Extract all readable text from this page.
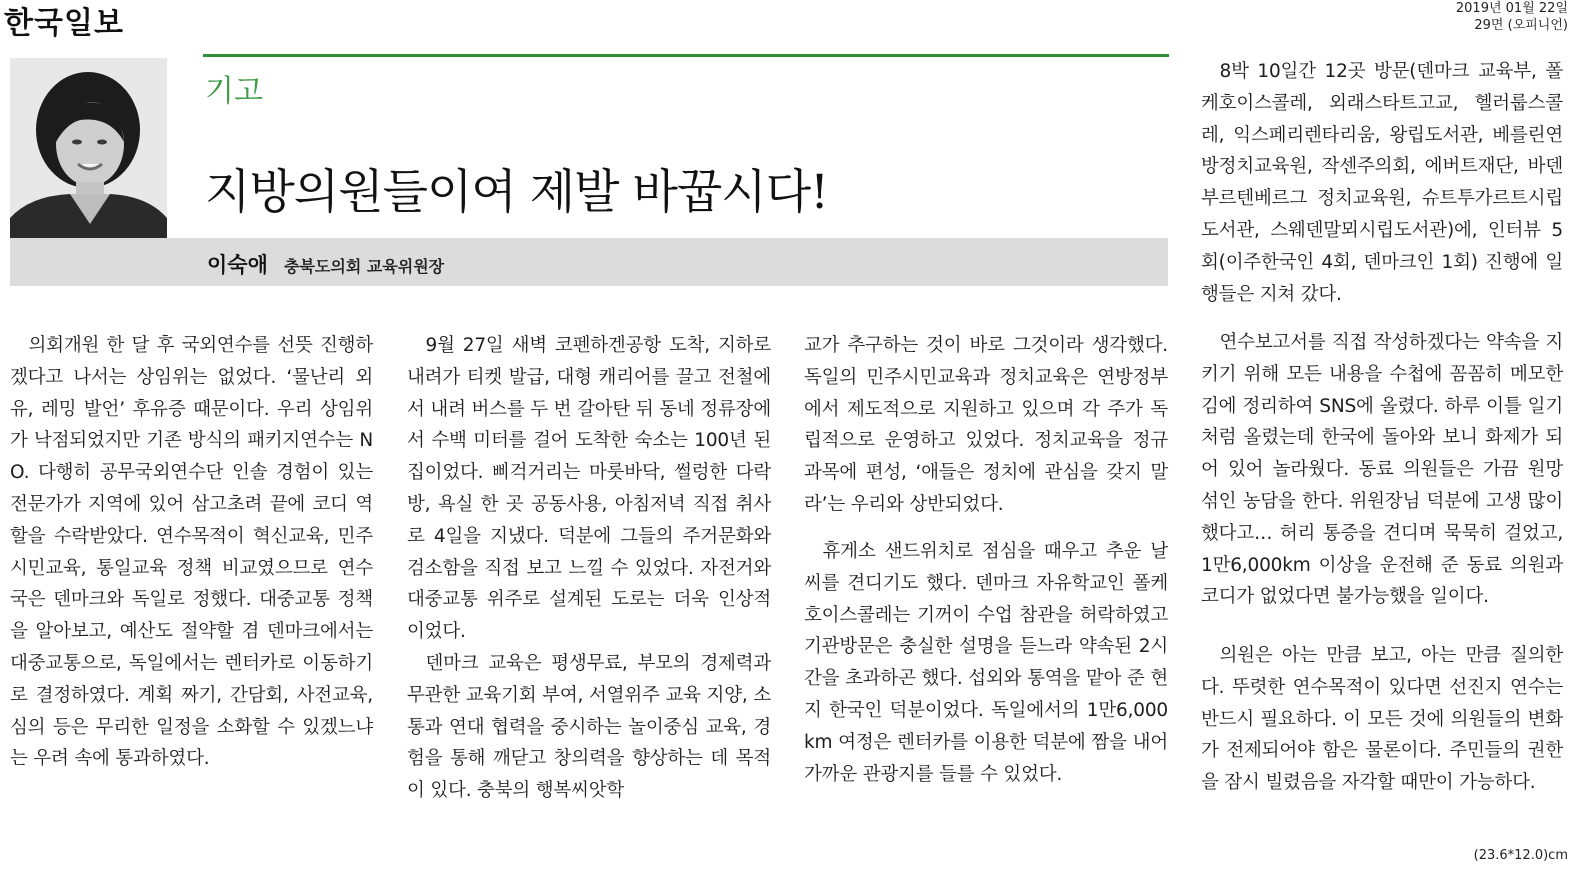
한국일보	2019년 01월 22일
29면 (오피니언)
기고
지방의원들이여 제발 바꿉시다!
이숙애 충북도의회 교육위원장

의회개원 한 달 후 국외연수를 선뜻 진행하겠다고 나서는 상임위는 없었다. ‘물난리 외유, 레밍 발언’ 후유증 때문이다. 우리 상임위가 낙점되었지만 기존 방식의 패키지연수는 NO. 다행히 공무국외연수단 인솔 경험이 있는 전문가가 지역에 있어 삼고초려 끝에 코디 역할을 수락받았다. 연수목적이 혁신교육, 민주시민교육, 통일교육 정책 비교였으므로 연수국은 덴마크와 독일로 정했다. 대중교통 정책을 알아보고, 예산도 절약할 겸 덴마크에서는 대중교통으로, 독일에서는 렌터카로 이동하기로 결정하였다. 계획 짜기, 간담회, 사전교육, 심의 등은 무리한 일정을 소화할 수 있겠느냐는 우려 속에 통과하였다.

9월 27일 새벽 코펜하겐공항 도착, 지하로 내려가 티켓 발급, 대형 캐리어를 끌고 전철에서 내려 버스를 두 번 갈아탄 뒤 동네 정류장에서 수백 미터를 걸어 도착한 숙소는 100년 된 집이었다. 삐걱거리는 마룻바닥, 썰렁한 다락방, 욕실 한 곳 공동사용, 아침저녁 직접 취사로 4일을 지냈다. 덕분에 그들의 주거문화와 검소함을 직접 보고 느낄 수 있었다. 자전거와 대중교통 위주로 설계된 도로는 더욱 인상적이었다.
덴마크 교육은 평생무료, 부모의 경제력과 무관한 교육기회 부여, 서열위주 교육 지양, 소통과 연대 협력을 중시하는 놀이중심 교육, 경험을 통해 깨닫고 창의력을 향상하는 데 목적이 있다. 충북의 행복씨앗학

교가 추구하는 것이 바로 그것이라 생각했다. 독일의 민주시민교육과 정치교육은 연방정부에서 제도적으로 지원하고 있으며 각 주가 독립적으로 운영하고 있었다. 정치교육을 정규과목에 편성, ‘애들은 정치에 관심을 갖지 말라’는 우리와 상반되었다.

휴게소 샌드위치로 점심을 때우고 추운 날씨를 견디기도 했다. 덴마크 자유학교인 폴케호이스콜레는 기꺼이 수업 참관을 허락하였고 기관방문은 충실한 설명을 듣느라 약속된 2시간을 초과하곤 했다. 섭외와 통역을 맡아 준 현지 한국인 덕분이었다. 독일에서의 1만6,000km 여정은 렌터카를 이용한 덕분에 짬을 내어 가까운 관광지를 들를 수 있었다.

8박 10일간 12곳 방문(덴마크 교육부, 폴케호이스콜레, 외래스타트고교, 헬러룹스콜레, 익스페리렌타리움, 왕립도서관, 베를린연방정치교육원, 작센주의회, 에버트재단, 바덴부르텐베르그 정치교육원, 슈트투가르트시립도서관, 스웨덴말뫼시립도서관)에, 인터뷰 5회(이주한국인 4회, 덴마크인 1회) 진행에 일행들은 지쳐 갔다.

연수보고서를 직접 작성하겠다는 약속을 지키기 위해 모든 내용을 수첩에 꼼꼼히 메모한 김에 정리하여 SNS에 올렸다. 하루 이틀 일기처럼 올렸는데 한국에 돌아와 보니 화제가 되어 있어 놀라웠다. 동료 의원들은 가끔 원망 섞인 농담을 한다. 위원장님 덕분에 고생 많이 했다고… 허리 통증을 견디며 묵묵히 걸었고, 1만6,000km 이상을 운전해 준 동료 의원과 코디가 없었다면 불가능했을 일이다.

의원은 아는 만큼 보고, 아는 만큼 질의한다. 뚜렷한 연수목적이 있다면 선진지 연수는 반드시 필요하다. 이 모든 것에 의원들의 변화가 전제되어야 함은 물론이다. 주민들의 권한을 잠시 빌렸음을 자각할 때만이 가능하다.

(23.6*12.0)cm
